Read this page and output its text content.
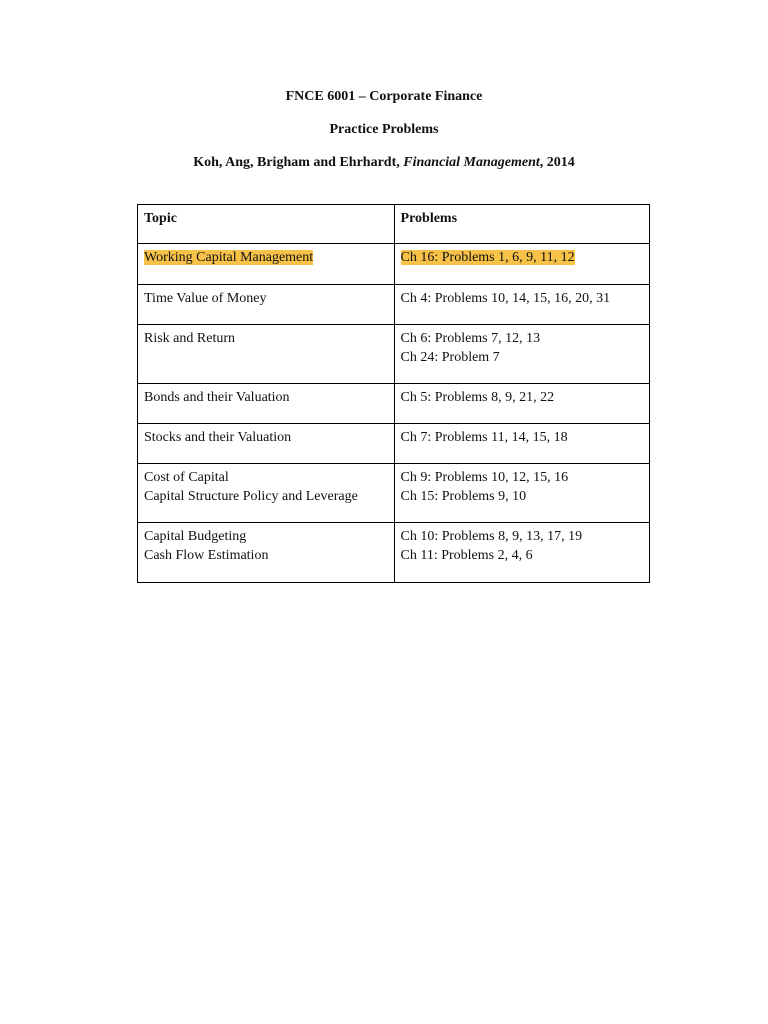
FNCE 6001 – Corporate Finance
Practice Problems
Koh, Ang, Brigham and Ehrhardt, Financial Management, 2014
Topic	Problems
Working Capital Management	Ch 16: Problems 1, 6, 9, 11, 12

Time Value of Money	Ch 4: Problems 10, 14, 15, 16, 20, 31

Risk and Return	Ch 6: Problems 7, 12, 13
Ch 24: Problem 7

Bonds and their Valuation	Ch 5: Problems 8, 9, 21, 22

Stocks and their Valuation	Ch 7: Problems 11, 14, 15, 18

Cost of Capital
Capital Structure Policy and Leverage	Ch 9: Problems 10, 12, 15, 16
Ch 15: Problems 9, 10

Capital Budgeting
Cash Flow Estimation	Ch 10: Problems 8, 9, 13, 17, 19
Ch 11: Problems 2, 4, 6
